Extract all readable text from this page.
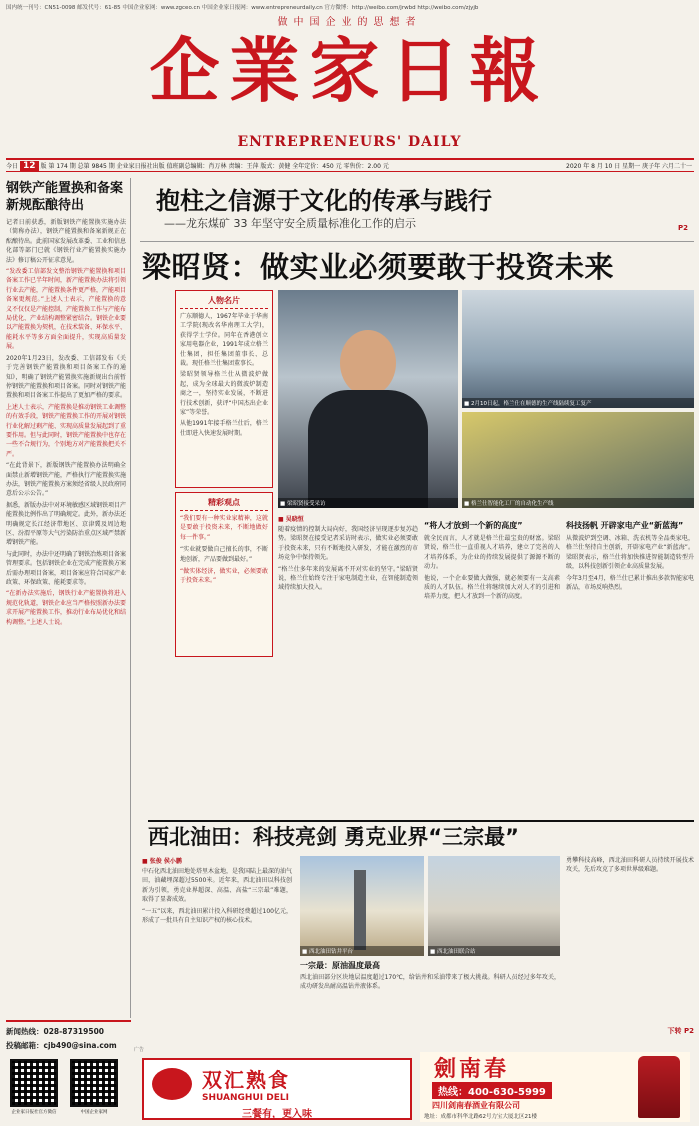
国内统一刊号：CN51-0098 邮发代号：61-85 中国企业家网：www.zgceo.cn 中国企业家日报网：www.entrepreneurdaily.cn 官方微博：http://weibo.com/jrwbd http://weibo.com/zjyjb
做中国企业的思想者
企業家日報
ENTREPRENEURS' DAILY
今日 12 版
第 174 期 总第 9845 期 企业家日报社出版 值班副总编辑：肖万林 责编：王萍 版式：黄健 全年定价：450 元 零售价：2.00 元	2020 年 8 月 10 日 星期一 庚子年 六月二十一
钢铁产能置换和备案新规酝酿待出

记者日前获悉，新版钢铁产能置换实施办法（简称办法），钢铁产能置换和备案新规正在酝酿待出。此前国家发展改革委、工业和信息化部等部门已就《钢铁行业产能置换实施办法》修订稿公开征求意见。

“发改委工信部发文整治钢铁产能置换和项目备案工作已半年时间，新产能置换办法将引领行业去产能，产能置换条件更严格，产能项目备案更规范。”上述人士表示，产能置换的意义不仅仅是产能控制，产能置换工作与产能布局优化、产业结构调整紧密结合。钢铁企业要以产能置换为契机，在技术装备、环保水平、能耗水平等多方面全面提升，实现高质量发展。

2020年1月23日，发改委、工信部发布《关于完善钢铁产能置换和项目备案工作的通知》，明确了钢铁产能置换实施新规出台前暂停钢铁产能置换和项目备案。同时对钢铁产能置换和项目备案工作提出了更加严格的要求。

上述人士表示，产能置换是推动钢铁工业调整的有效手段，钢铁产能置换工作的开展对钢铁行业化解过剩产能、实现高质量发展起到了重要作用。但与此同时，钢铁产能置换中也存在一些不合规行为，个别地方对产能置换把关不严。

“在此背景下，新版钢铁产能置换办法明确全面禁止新增钢铁产能，严格执行产能置换实施办法，钢铁产能置换方案须经省级人民政府同意后公示公告。”

据悉，新版办法中对环境敏感区域钢铁项目产能置换比例作出了明确规定。此外，新办法还明确规定长江经济带地区、京津冀及周边地区、汾渭平原等大气污染防治重点区域严禁新增钢铁产能。

与此同时，办法中还明确了钢铁冶炼项目备案管理要求。包括钢铁企业在完成产能置换方案后需办理项目备案，项目备案应符合国家产业政策、环保政策、能耗要求等。

“在新办法实施后，钢铁行业产能置换将进入规范化轨道，钢铁企业应当严格按照新办法要求开展产能置换工作，推动行业布局优化和结构调整。”上述人士说。

新闻热线：028-87319500
投稿邮箱：cjb490@sina.com
企业家日报社官方微信	中国企业家网
抱柱之信源于文化的传承与践行
——龙东煤矿 33 年坚守安全质量标准化工作的启示	P2
梁昭贤：做实业必须要敢于投资未来
人物名片

广东顺德人，1967年毕业于华南工学院(现改名华南理工大学)，获得学士学位。同年在香港创立家用电器企业，1991年成立格兰仕集团，担任集团董事长、总裁。现任格兰仕集团董事长。

梁昭贤领导格兰仕从微波炉做起，成为全球最大的微波炉制造商之一，坚持实业发展，不断进行技术创新，获评“中国杰出企业家”等荣誉。

从他1991年接手格兰仕后，格兰仕即进入快速发展时期。

精彩观点

“我们要有一种实业家精神，这就是要敢于投资未来，不断地做好每一件事。”

“实业就要做自己擅长的事，不断地创新，产品要做到最好。”

“做实体经济，做实业，必须要敢于投资未来。”

■ 梁昭贤接受采访
■ 2月10日起，格兰仕在顺德的生产线陆续复工复产
■ 格兰仕智能化工厂的自动化生产线
■ 吴晓恒

随着疫情的控制大局向好，我国经济呈现逐步复苏趋势。梁昭贤在接受记者采访时表示，做实业必须要敢于投资未来，只有不断地投入研发，才能在激烈的市场竞争中保持领先。

“格兰仕多年来的发展离不开对实业的坚守。”梁昭贤说，格兰仕始终专注于家电制造主业，在智能制造领域持续加大投入。

“将人才放到一个新的高度”

就全民而言，人才就是格兰仕最宝贵的财富。梁昭贤说，格兰仕一直重视人才培养，建立了完善的人才培养体系，为企业的持续发展提供了源源不断的动力。

他说，一个企业要做大做强，就必须要有一支高素质的人才队伍。格兰仕将继续加大对人才的引进和培养力度，把人才放到一个新的高度。

科技扬帆 开辟家电产业“新蓝海”

从微波炉到空调、冰箱、洗衣机等全品类家电，格兰仕坚持自主创新，开辟家电产业“新蓝海”。梁昭贤表示，格兰仕将加快推进智能制造转型升级，以科技创新引领企业高质量发展。

今年3月至4月，格兰仕已累计推出多款智能家电新品，市场反响热烈。

西北油田：科技亮剑 勇克业界“三宗最”
■ 张俊 侯小鹏

中石化西北油田地处塔里木盆地，是我国陆上最深的油气田，油藏埋深超过5500米。近年来，西北油田以科技创新为引领，勇克业界超深、高温、高盐“三宗最”难题，取得了显著成效。

“一五”以来，西北油田累计投入科研经费超过100亿元，形成了一批具有自主知识产权的核心技术。

■ 西北油田钻井平台	■ 西北油田联合站
一宗最：原油温度最高

西北油田部分区块地层温度超过170℃，给钻井和采油带来了极大挑战。科研人员经过多年攻关，成功研发出耐高温钻井液体系。

勇攀科技高峰，西北油田科研人员持续开展技术攻关，先后攻克了多项世界级难题。

下转 P2
广告
双汇熟食
SHUANGHUI DELI
三餐有，更入味
劍南春
热线：400-630-5999
四川剑南春酒业有限公司
地址：成都市科华北路62号力宝大厦北区21楼
